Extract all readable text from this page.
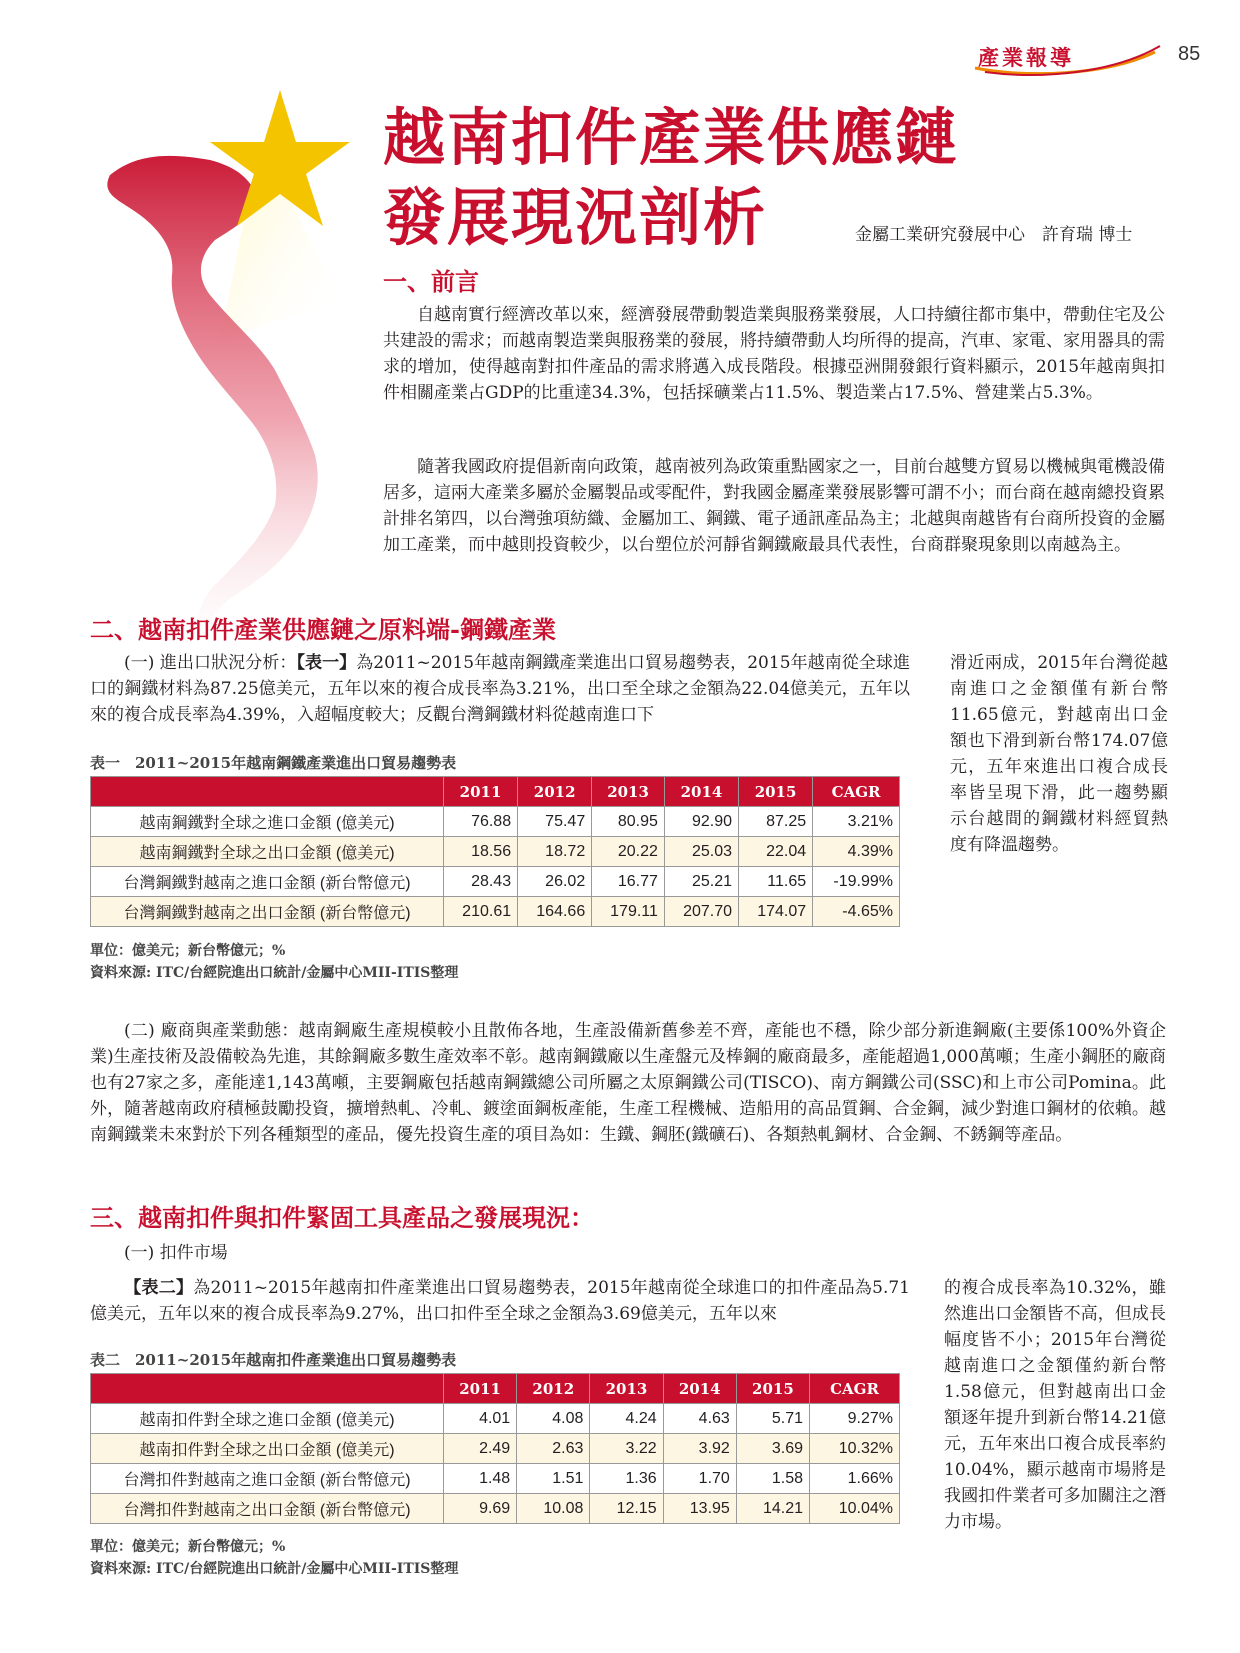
產業報導	85
越南扣件產業供應鏈
發展現況剖析	金屬工業研究發展中心　許育瑞 博士
一、前言

自越南實行經濟改革以來，經濟發展帶動製造業與服務業發展，人口持續往都市集中，帶動住宅及公共建設的需求；而越南製造業與服務業的發展，將持續帶動人均所得的提高，汽車、家電、家用器具的需求的增加，使得越南對扣件產品的需求將邁入成長階段。根據亞洲開發銀行資料顯示，2015年越南與扣件相關產業占GDP的比重達34.3%，包括採礦業占11.5%、製造業占17.5%、營建業占5.3%。

隨著我國政府提倡新南向政策，越南被列為政策重點國家之一，目前台越雙方貿易以機械與電機設備居多，這兩大產業多屬於金屬製品或零配件，對我國金屬產業發展影響可謂不小；而台商在越南總投資累計排名第四，以台灣強項紡織、金屬加工、鋼鐵、電子通訊產品為主；北越與南越皆有台商所投資的金屬加工產業，而中越則投資較少，以台塑位於河靜省鋼鐵廠最具代表性，台商群聚現象則以南越為主。

二、越南扣件產業供應鏈之原料端-鋼鐵產業

(一) 進出口狀況分析：【表一】為2011~2015年越南鋼鐵產業進出口貿易趨勢表，2015年越南從全球進口的鋼鐵材料為87.25億美元，五年以來的複合成長率為3.21%，出口至全球之金額為22.04億美元，五年以來的複合成長率為4.39%，入超幅度較大；反觀台灣鋼鐵材料從越南進口下

滑近兩成，2015年台灣從越南進口之金額僅有新台幣11.65億元，對越南出口金額也下滑到新台幣174.07億元，五年來進出口複合成長率皆呈現下滑，此一趨勢顯示台越間的鋼鐵材料經貿熱度有降溫趨勢。

表一　2011~2015年越南鋼鐵產業進出口貿易趨勢表
	2011	2012	2013	2014	2015	CAGR
越南鋼鐵對全球之進口金額 (億美元)	76.88	75.47	80.95	92.90	87.25	3.21%
越南鋼鐵對全球之出口金額 (億美元)	18.56	18.72	20.22	25.03	22.04	4.39%
台灣鋼鐵對越南之進口金額 (新台幣億元)	28.43	26.02	16.77	25.21	11.65	-19.99%
台灣鋼鐵對越南之出口金額 (新台幣億元)	210.61	164.66	179.11	207.70	174.07	-4.65%
單位：億美元；新台幣億元；%
資料來源: ITC/台經院進出口統計/金屬中心MII-ITIS整理

(二) 廠商與產業動態：越南鋼廠生產規模較小且散佈各地，生產設備新舊參差不齊，產能也不穩，除少部分新進鋼廠(主要係100%外資企業)生產技術及設備較為先進，其餘鋼廠多數生產效率不彰。越南鋼鐵廠以生產盤元及棒鋼的廠商最多，產能超過1,000萬噸；生產小鋼胚的廠商也有27家之多，產能達1,143萬噸，主要鋼廠包括越南鋼鐵總公司所屬之太原鋼鐵公司(TISCO)、南方鋼鐵公司(SSC)和上市公司Pomina。此外，隨著越南政府積極鼓勵投資，擴增熱軋、冷軋、鍍塗面鋼板產能，生產工程機械、造船用的高品質鋼、合金鋼，減少對進口鋼材的依賴。越南鋼鐵業未來對於下列各種類型的產品，優先投資生產的項目為如：生鐵、鋼胚(鐵礦石)、各類熱軋鋼材、合金鋼、不銹鋼等產品。

三、越南扣件與扣件緊固工具產品之發展現況：
(一) 扣件市場

【表二】為2011~2015年越南扣件產業進出口貿易趨勢表，2015年越南從全球進口的扣件產品為5.71億美元，五年以來的複合成長率為9.27%，出口扣件至全球之金額為3.69億美元，五年以來

的複合成長率為10.32%，雖然進出口金額皆不高，但成長幅度皆不小；2015年台灣從越南進口之金額僅約新台幣1.58億元，但對越南出口金額逐年提升到新台幣14.21億元，五年來出口複合成長率約10.04%，顯示越南市場將是我國扣件業者可多加關注之潛力市場。

表二　2011~2015年越南扣件產業進出口貿易趨勢表
	2011	2012	2013	2014	2015	CAGR
越南扣件對全球之進口金額 (億美元)	4.01	4.08	4.24	4.63	5.71	9.27%
越南扣件對全球之出口金額 (億美元)	2.49	2.63	3.22	3.92	3.69	10.32%
台灣扣件對越南之進口金額 (新台幣億元)	1.48	1.51	1.36	1.70	1.58	1.66%
台灣扣件對越南之出口金額 (新台幣億元)	9.69	10.08	12.15	13.95	14.21	10.04%
單位：億美元；新台幣億元；%
資料來源: ITC/台經院進出口統計/金屬中心MII-ITIS整理
